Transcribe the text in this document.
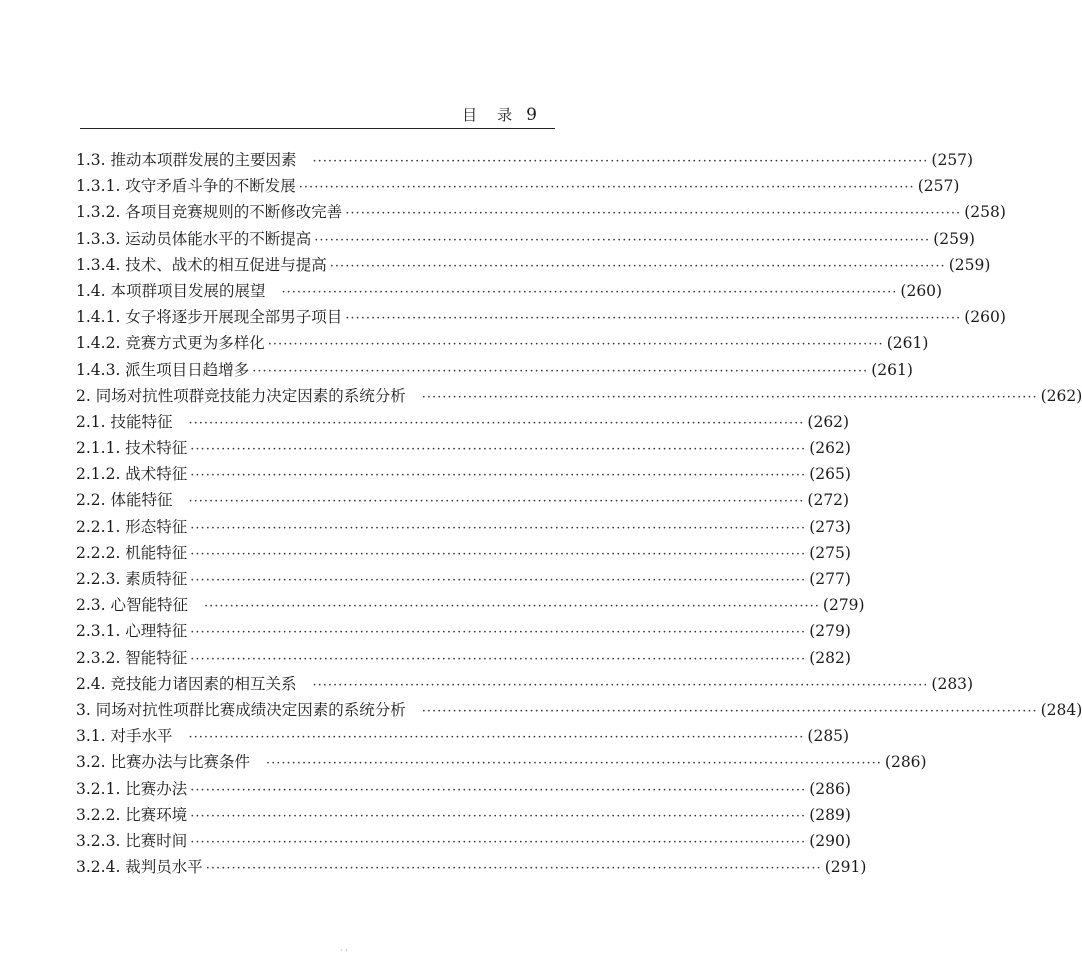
目 录 9
1.3. 推动本项群发展的主要因素 ························································································································ (257)
1.3.1. 攻守矛盾斗争的不断发展 ························································································································ (257)
1.3.2. 各项目竞赛规则的不断修改完善 ························································································································ (258)
1.3.3. 运动员体能水平的不断提高 ························································································································ (259)
1.3.4. 技术、战术的相互促进与提高 ························································································································ (259)
1.4. 本项群项目发展的展望 ························································································································ (260)
1.4.1. 女子将逐步开展现全部男子项目 ························································································································ (260)
1.4.2. 竞赛方式更为多样化 ························································································································ (261)
1.4.3. 派生项目日趋增多 ························································································································ (261)
2. 同场对抗性项群竞技能力决定因素的系统分析 ························································································································ (262)
2.1. 技能特征 ························································································································ (262)
2.1.1. 技术特征 ························································································································ (262)
2.1.2. 战术特征 ························································································································ (265)
2.2. 体能特征 ························································································································ (272)
2.2.1. 形态特征 ························································································································ (273)
2.2.2. 机能特征 ························································································································ (275)
2.2.3. 素质特征 ························································································································ (277)
2.3. 心智能特征 ························································································································ (279)
2.3.1. 心理特征 ························································································································ (279)
2.3.2. 智能特征 ························································································································ (282)
2.4. 竞技能力诸因素的相互关系 ························································································································ (283)
3. 同场对抗性项群比赛成绩决定因素的系统分析 ························································································································ (284)
3.1. 对手水平 ························································································································ (285)
3.2. 比赛办法与比赛条件 ························································································································ (286)
3.2.1. 比赛办法 ························································································································ (286)
3.2.2. 比赛环境 ························································································································ (289)
3.2.3. 比赛时间 ························································································································ (290)
3.2.4. 裁判员水平 ························································································································ (291)
· ·
